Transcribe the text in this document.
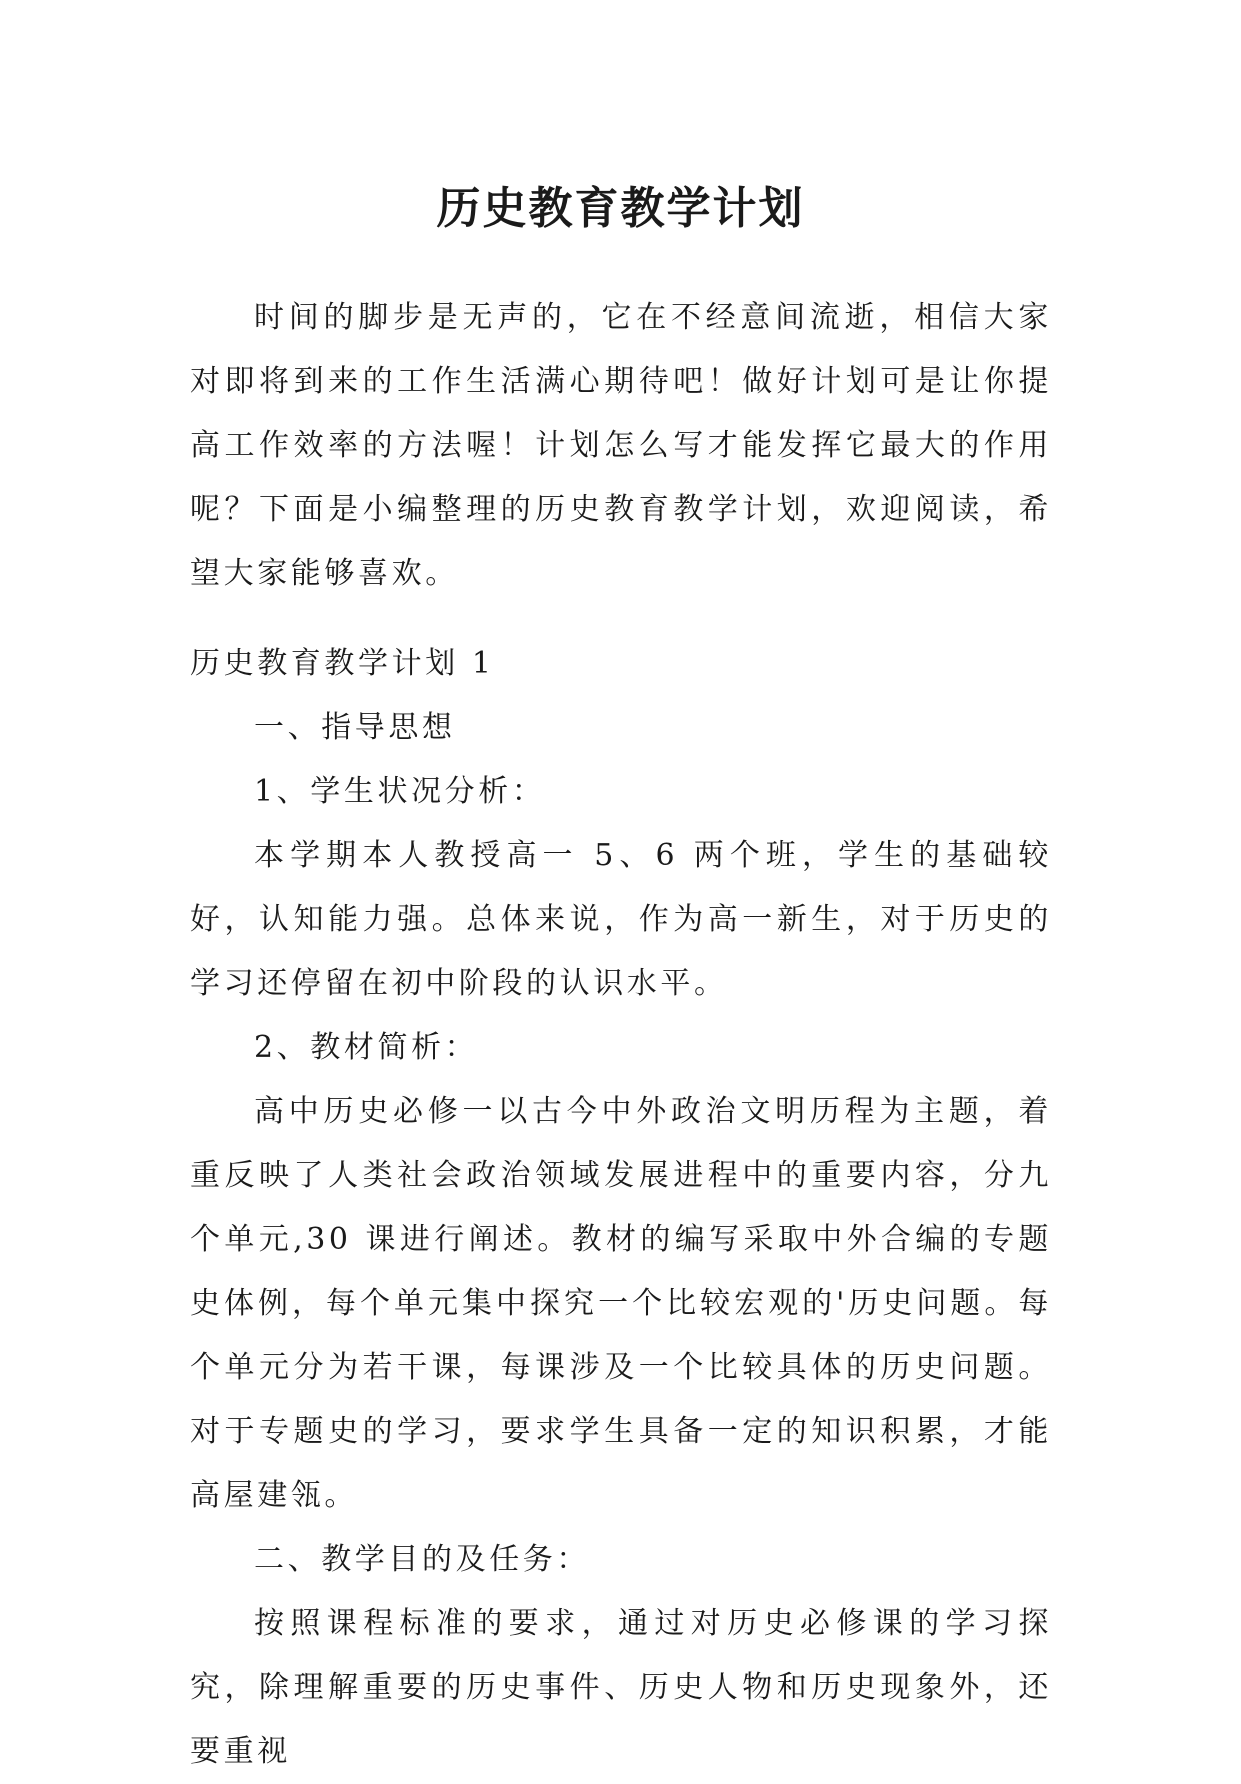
历史教育教学计划

时间的脚步是无声的，它在不经意间流逝，相信大家对即将到来的工作生活满心期待吧！做好计划可是让你提高工作效率的方法喔！计划怎么写才能发挥它最大的作用呢？下面是小编整理的历史教育教学计划，欢迎阅读，希望大家能够喜欢。

历史教育教学计划 1

一、指导思想

1、学生状况分析：

本学期本人教授高一 5、6 两个班，学生的基础较好，认知能力强。总体来说，作为高一新生，对于历史的学习还停留在初中阶段的认识水平。

2、教材简析：

高中历史必修一以古今中外政治文明历程为主题，着重反映了人类社会政治领域发展进程中的重要内容，分九个单元,30 课进行阐述。教材的编写采取中外合编的专题史体例，每个单元集中探究一个比较宏观的'历史问题。每个单元分为若干课，每课涉及一个比较具体的历史问题。对于专题史的学习，要求学生具备一定的知识积累，才能高屋建瓴。

二、教学目的及任务：

按照课程标准的要求，通过对历史必修课的学习探究，除理解重要的历史事件、历史人物和历史现象外，还要重视
